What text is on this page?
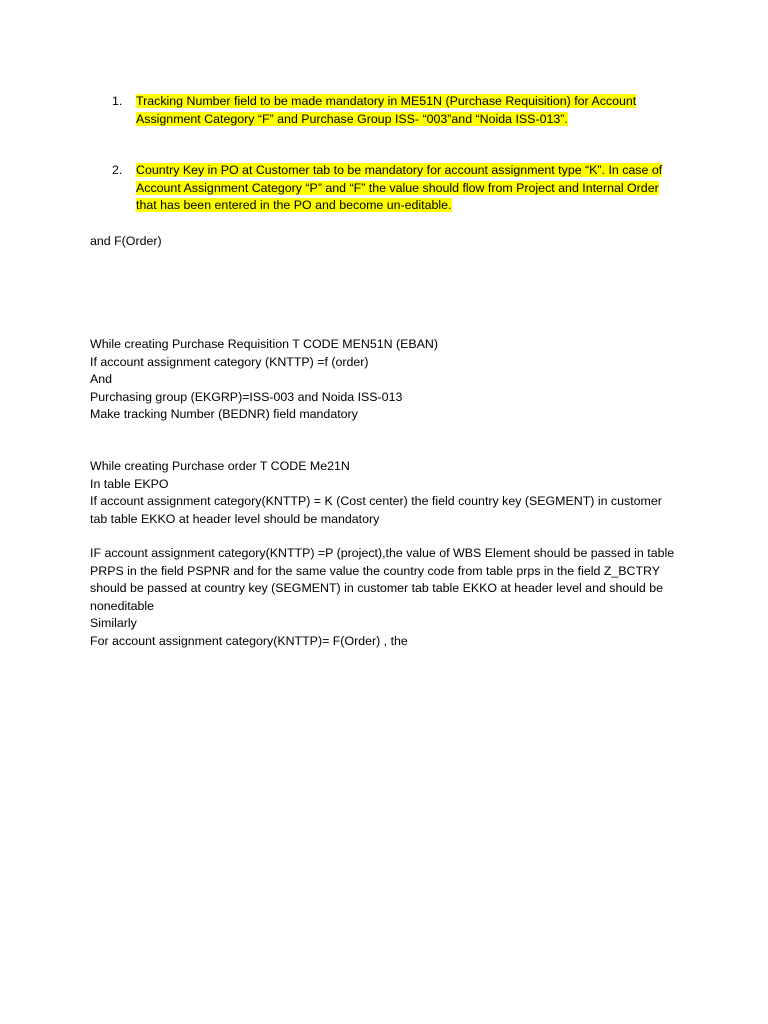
1.	Tracking Number field to be made mandatory in ME51N (Purchase Requisition) for Account
Assignment Category “F” and Purchase Group ISS- “003”and “Noida ISS-013”.
2.	Country Key in PO at Customer tab to be mandatory for account assignment type “K”. In case of
Account Assignment Category “P” and “F” the value should flow from Project and Internal Order
that has been entered in the PO and become un-editable.
and F(Order)
While creating Purchase Requisition T CODE MEN51N (EBAN)
If account assignment category (KNTTP) =f (order)
And
Purchasing group (EKGRP)=ISS-003 and Noida ISS-013
Make tracking Number (BEDNR) field mandatory
While creating Purchase order T CODE Me21N
In table EKPO
If account assignment category(KNTTP) = K (Cost center) the field country key (SEGMENT) in customer
tab table EKKO at header level should be mandatory
IF account assignment category(KNTTP) =P (project),the value of WBS Element should be passed in table
PRPS in the field PSPNR and for the same value the country code from table prps in the field Z_BCTRY
should be passed at country key (SEGMENT) in customer tab table EKKO at header level and should be
noneditable
Similarly
For account assignment category(KNTTP)= F(Order) , the
